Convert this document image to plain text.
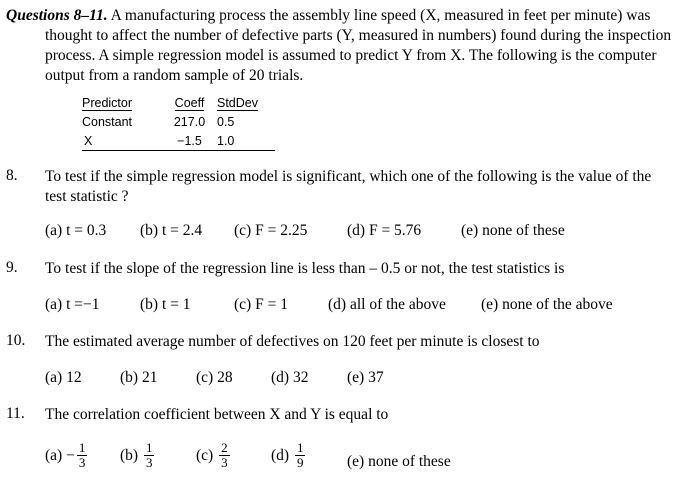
Questions 8–11. A manufacturing process the assembly line speed (X, measured in feet per minute) was
thought to affect the number of defective parts (Y, measured in numbers) found during the inspection
process. A simple regression model is assumed to predict Y from X. The following is the computer
output from a random sample of 20 trials.
Predictor	Coeff	StdDev
Constant	217.0	0.5
X	−1.5	1.0
8. To test if the simple regression model is significant, which one of the following is the value of the
test statistic ?
(a) t = 0.3 (b) t = 2.4 (c) F = 2.25	(d) F = 5.76	(e) none of these
9. To test if the slope of the regression line is less than – 0.5 or not, the test statistics is
(a) t =−1	(b) t = 1	(c) F = 1	(d) all of the above (e) none of the above
10. The estimated average number of defectives on 120 feet per minute is closest to
(a) 12 (b) 21 (c) 28 (d) 32 (e) 37
11. The correlation coefficient between X and Y is equal to
(a)
− $\frac{1}{3} (b)$
$\frac{1}{3}$	(c)
$\frac{2}{3}$	(d)
$\frac{1}{9}$	(e) none of these
